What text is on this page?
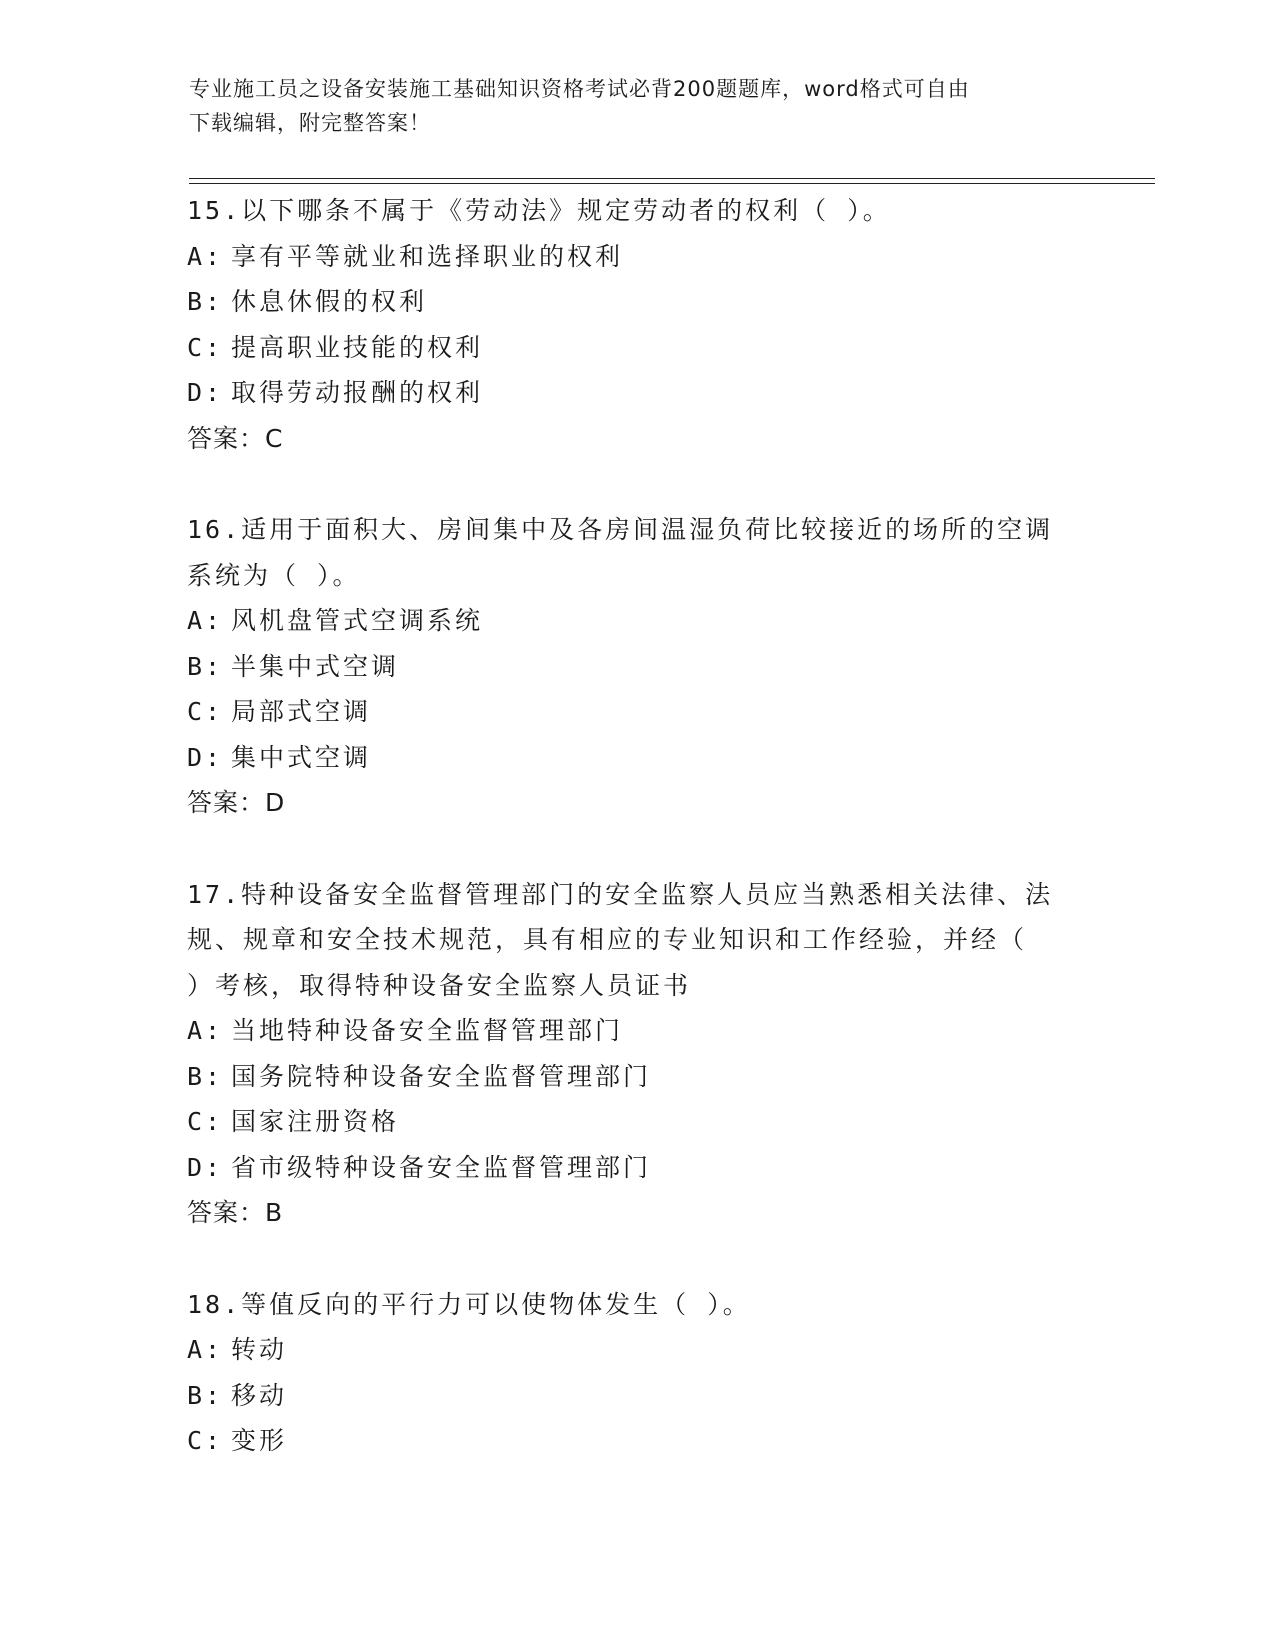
专业施工员之设备安装施工基础知识资格考试必背200题题库，word格式可自由
下载编辑，附完整答案！
15.以下哪条不属于《劳动法》规定劳动者的权利（ ）。
A: 享有平等就业和选择职业的权利
B: 休息休假的权利
C: 提高职业技能的权利
D: 取得劳动报酬的权利
答案：C
16.适用于面积大、房间集中及各房间温湿负荷比较接近的场所的空调
系统为（ ）。
A: 风机盘管式空调系统
B: 半集中式空调
C: 局部式空调
D: 集中式空调
答案：D
17.特种设备安全监督管理部门的安全监察人员应当熟悉相关法律、法
规、规章和安全技术规范，具有相应的专业知识和工作经验，并经（
）考核，取得特种设备安全监察人员证书
A: 当地特种设备安全监督管理部门
B: 国务院特种设备安全监督管理部门
C: 国家注册资格
D: 省市级特种设备安全监督管理部门
答案：B
18.等值反向的平行力可以使物体发生（ ）。
A: 转动
B: 移动
C: 变形
